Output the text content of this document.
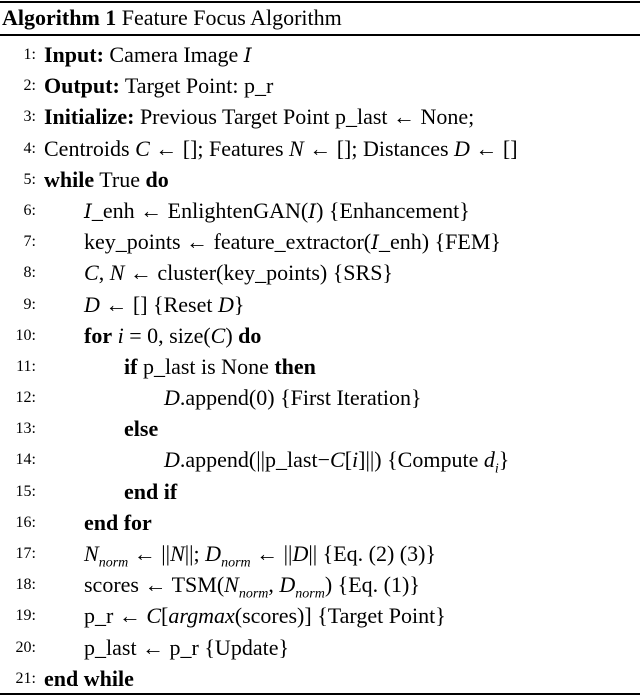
Algorithm 1 Feature Focus Algorithm
1: Input: Camera Image I
2: Output: Target Point: p_r
3: Initialize: Previous Target Point p_last ← None;
4: Centroids C ← []; Features N ← []; Distances D ← []
5: while True do
6: I_enh ← EnlightenGAN(I) {Enhancement}
7: key_points ← feature_extractor(I_enh) {FEM}
8: C, N ← cluster(key_points) {SRS}
9: D ← [] {Reset D}
10: for i = 0, size(C) do
11:	if p_last is None then
12:	D.append(0) {First Iteration}
13:	else
14:	D.append(||p_last−C[i]||) {Compute $d_i$}
15:	end if
16: end for
17: $N_{norm}$ ← ||N||; $D_{norm}$ ← ||D|| {Eq. (2) (3)}
18: scores ← $TSM(N_{norm}$, $D_{norm}$) {Eq. (1)}
19: p_r ← C[argmax(scores)] {Target Point}
20: p_last ← p_r {Update}
21: end while
